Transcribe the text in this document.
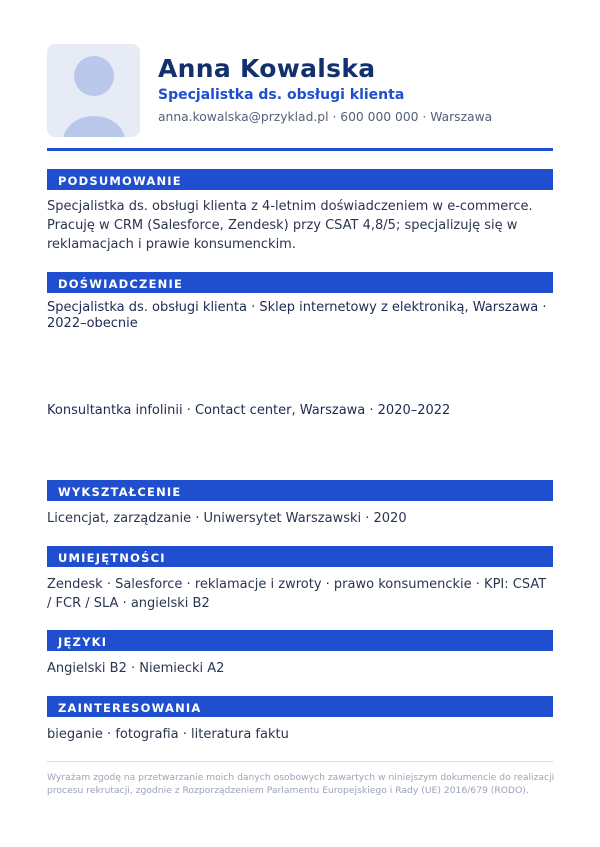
Anna Kowalska
Specjalistka ds. obsługi klienta
anna.kowalska@przyklad.pl · 600 000 000 · Warszawa
PODSUMOWANIE
Specjalistka ds. obsługi klienta z 4-letnim doświadczeniem w e-commerce. Pracuję w CRM (Salesforce, Zendesk) przy CSAT 4,8/5; specjalizuję się w reklamacjach i prawie konsumenckim.
DOŚWIADCZENIE
Specjalistka ds. obsługi klienta · Sklep internetowy z elektroniką, Warszawa · 2022–obecnie
Konsultantka infolinii · Contact center, Warszawa · 2020–2022
WYKSZTAŁCENIE
Licencjat, zarządzanie · Uniwersytet Warszawski · 2020
UMIEJĘTNOŚCI
Zendesk · Salesforce · reklamacje i zwroty · prawo konsumenckie · KPI: CSAT / FCR / SLA · angielski B2
JĘZYKI
Angielski B2 · Niemiecki A2
ZAINTERESOWANIA
bieganie · fotografia · literatura faktu
Wyrażam zgodę na przetwarzanie moich danych osobowych zawartych w niniejszym dokumencie do realizacji procesu rekrutacji, zgodnie z Rozporządzeniem Parlamentu Europejskiego i Rady (UE) 2016/679 (RODO).
